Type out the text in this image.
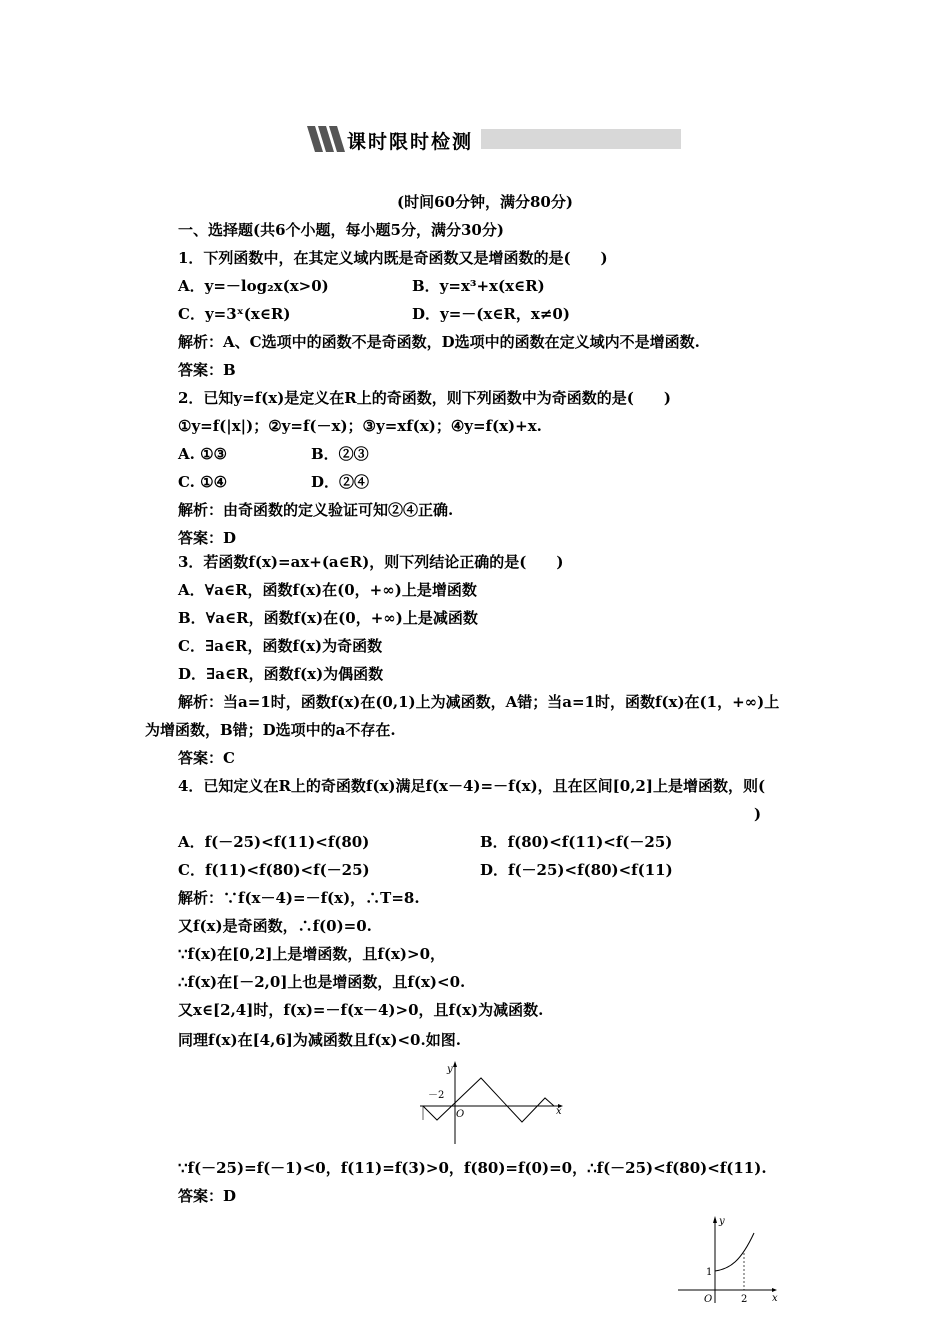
课时限时检测
(时间60分钟，满分80分)
一、选择题(共6个小题，每小题5分，满分30分)
1．下列函数中，在其定义域内既是奇函数又是增函数的是(　　)
A．y=－log₂x(x>0)	B．y=x³+x(x∈R)
C．y=3ˣ(x∈R)	D．y=－(x∈R，x≠0)
解析：A、C选项中的函数不是奇函数，D选项中的函数在定义域内不是增函数.
答案：B
2．已知y=f(x)是定义在R上的奇函数，则下列函数中为奇函数的是(　　)
①y=f(|x|)；②y=f(－x)；③y=xf(x)；④y=f(x)+x.
A. ①③	B．②③
C. ①④	D．②④
解析：由奇函数的定义验证可知②④正确.
答案：D
3．若函数f(x)=ax+(a∈R)，则下列结论正确的是(　　)
A．∀a∈R，函数f(x)在(0，+∞)上是增函数
B．∀a∈R，函数f(x)在(0，+∞)上是减函数
C．∃a∈R，函数f(x)为奇函数
D．∃a∈R，函数f(x)为偶函数
解析：当a=1时，函数f(x)在(0,1)上为减函数，A错；当a=1时，函数f(x)在(1，+∞)上
为增函数，B错；D选项中的a不存在.
答案：C
4．已知定义在R上的奇函数f(x)满足f(x－4)=－f(x)，且在区间[0,2]上是增函数，则(
)
A．f(－25)<f(11)<f(80)	B．f(80)<f(11)<f(－25)
C．f(11)<f(80)<f(－25)	D．f(－25)<f(80)<f(11)
解析：∵f(x－4)=－f(x)，∴T=8.
又f(x)是奇函数，∴f(0)=0.
∵f(x)在[0,2]上是增函数，且f(x)>0，
∴f(x)在[－2,0]上也是增函数，且f(x)<0.
又x∈[2,4]时，f(x)=－f(x－4)>0，且f(x)为减函数.
同理f(x)在[4,6]为减函数且f(x)<0.如图.
y
x
O
－2
∵f(－25)=f(－1)<0，f(11)=f(3)>0，f(80)=f(0)=0，∴f(－25)<f(80)<f(11).
答案：D
y
x
O
1
2
